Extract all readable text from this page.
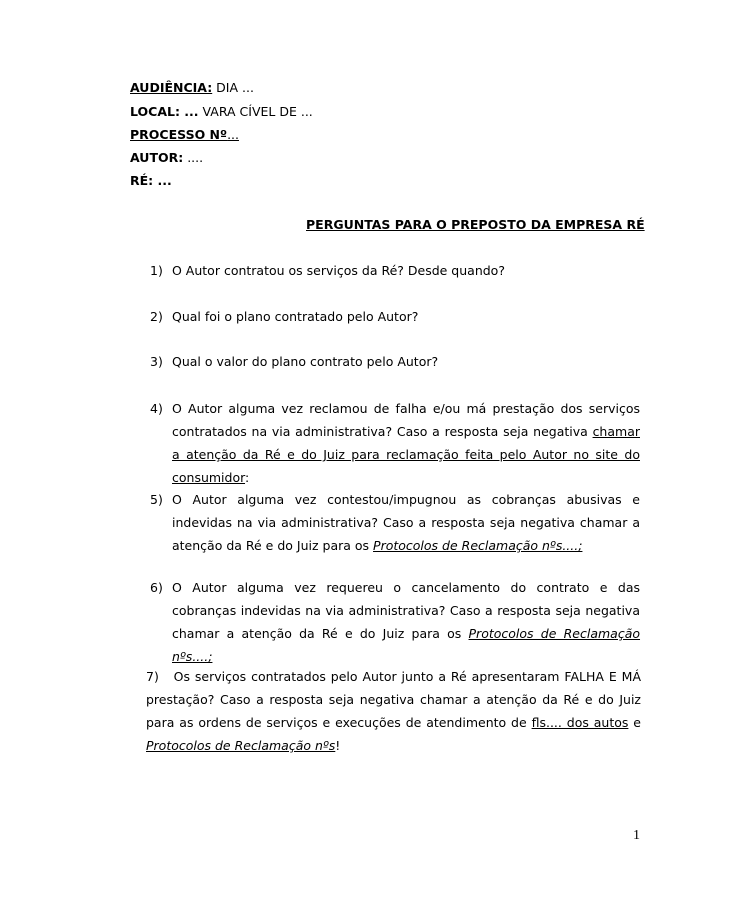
AUDIÊNCIA: DIA ...
LOCAL: ... VARA CÍVEL DE ...
PROCESSO Nº...
AUTOR: ....
RÉ: ...
PERGUNTAS PARA O PREPOSTO DA EMPRESA RÉ
1) O Autor contratou os serviços da Ré? Desde quando?
2) Qual foi o plano contratado pelo Autor?
3) Qual o valor do plano contrato pelo Autor?
4) O Autor alguma vez reclamou de falha e/ou má prestação dos serviços contratados na via administrativa? Caso a resposta seja negativa chamar a atenção da Ré e do Juiz para reclamação feita pelo Autor no site do consumidor:
5) O Autor alguma vez contestou/impugnou as cobranças abusivas e indevidas na via administrativa? Caso a resposta seja negativa chamar a atenção da Ré e do Juiz para os Protocolos de Reclamação nºs....;
6) O Autor alguma vez requereu o cancelamento do contrato e das cobranças indevidas na via administrativa? Caso a resposta seja negativa chamar a atenção da Ré e do Juiz para os Protocolos de Reclamação nºs....;
7) Os serviços contratados pelo Autor junto a Ré apresentaram FALHA E MÁ prestação? Caso a resposta seja negativa chamar a atenção da Ré e do Juiz para as ordens de serviços e execuções de atendimento de fls.... dos autos e Protocolos de Reclamação nºs!
1
